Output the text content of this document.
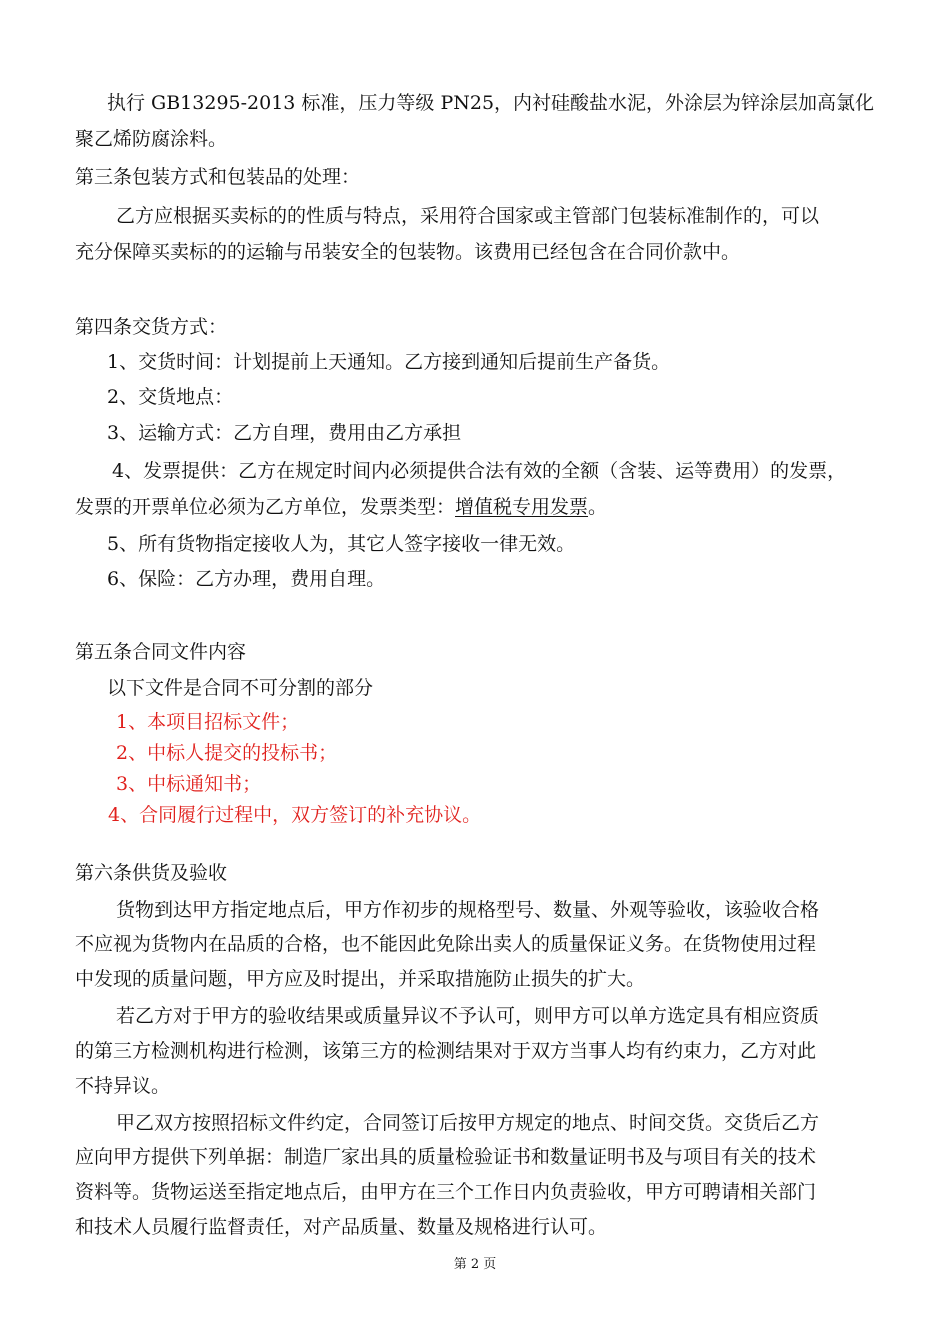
执行 GB13295-2013 标准，压力等级 PN25，内衬硅酸盐水泥，外涂层为锌涂层加高氯化
聚乙烯防腐涂料。
第三条包装方式和包装品的处理：
乙方应根据买卖标的的性质与特点，采用符合国家或主管部门包装标准制作的，可以
充分保障买卖标的的运输与吊装安全的包装物。该费用已经包含在合同价款中。
第四条交货方式：
1、交货时间：计划提前上天通知。乙方接到通知后提前生产备货。
2、交货地点：
3、运输方式：乙方自理，费用由乙方承担
4、发票提供：乙方在规定时间内必须提供合法有效的全额（含装、运等费用）的发票，
发票的开票单位必须为乙方单位，发票类型：增值税专用发票。
5、所有货物指定接收人为，其它人签字接收一律无效。
6、保险：乙方办理，费用自理。
第五条合同文件内容
以下文件是合同不可分割的部分
1、本项目招标文件；
2、中标人提交的投标书；
3、中标通知书；
4、合同履行过程中，双方签订的补充协议。
第六条供货及验收
货物到达甲方指定地点后，甲方作初步的规格型号、数量、外观等验收，该验收合格
不应视为货物内在品质的合格，也不能因此免除出卖人的质量保证义务。在货物使用过程
中发现的质量问题，甲方应及时提出，并采取措施防止损失的扩大。
若乙方对于甲方的验收结果或质量异议不予认可，则甲方可以单方选定具有相应资质
的第三方检测机构进行检测，该第三方的检测结果对于双方当事人均有约束力，乙方对此
不持异议。
甲乙双方按照招标文件约定，合同签订后按甲方规定的地点、时间交货。交货后乙方
应向甲方提供下列单据：制造厂家出具的质量检验证书和数量证明书及与项目有关的技术
资料等。货物运送至指定地点后，由甲方在三个工作日内负责验收，甲方可聘请相关部门
和技术人员履行监督责任，对产品质量、数量及规格进行认可。
第 2 页
